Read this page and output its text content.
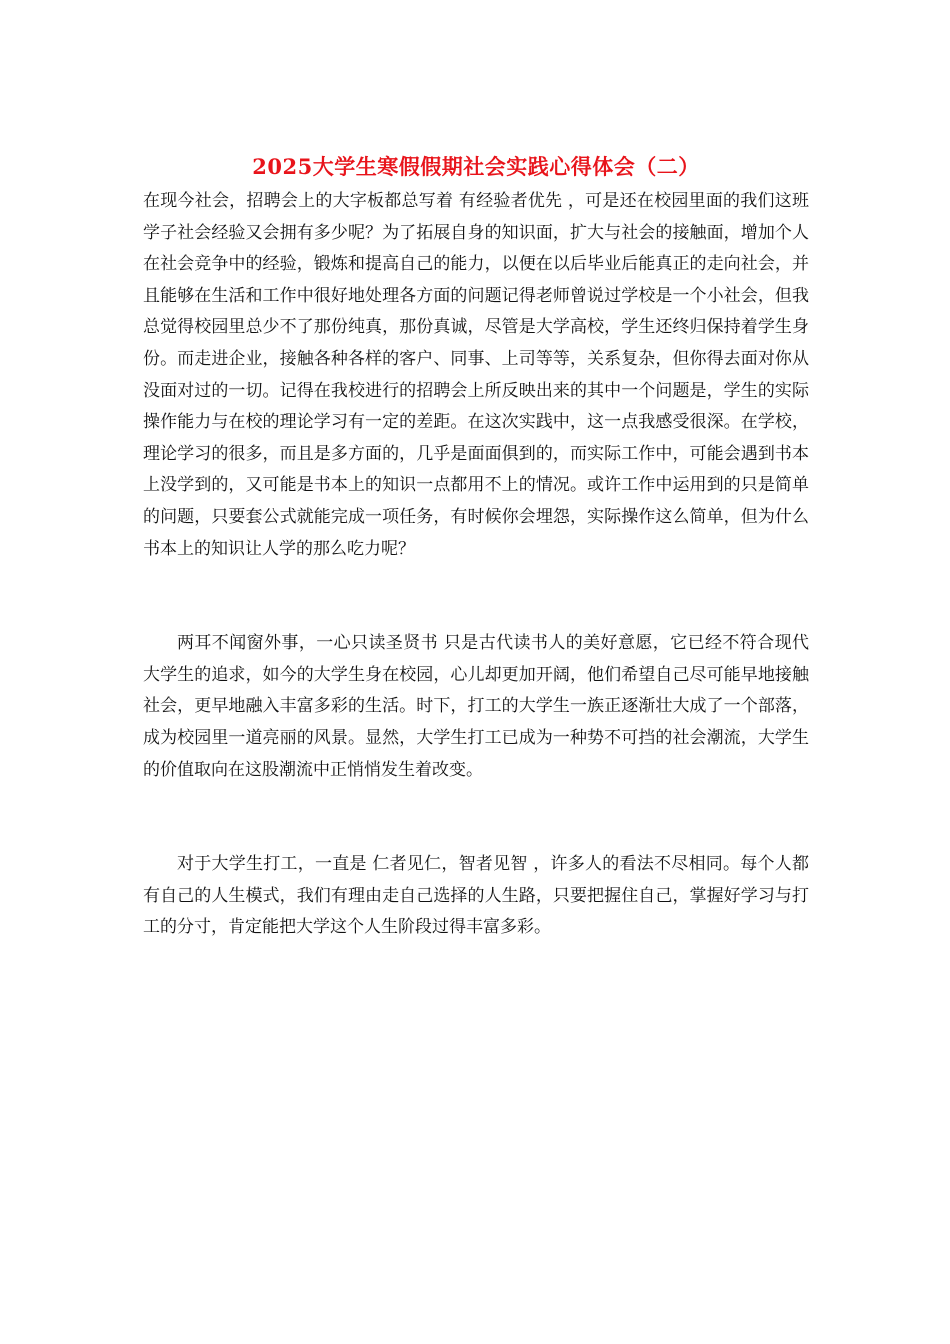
2025大学生寒假假期社会实践心得体会（二）

在现今社会，招聘会上的大字板都总写着 有经验者优先 ，可是还在校园里面的我们这班学子社会经验又会拥有多少呢？为了拓展自身的知识面，扩大与社会的接触面，增加个人在社会竞争中的经验，锻炼和提高自己的能力，以便在以后毕业后能真正的走向社会，并且能够在生活和工作中很好地处理各方面的问题记得老师曾说过学校是一个小社会，但我总觉得校园里总少不了那份纯真，那份真诚，尽管是大学高校，学生还终归保持着学生身份。而走进企业，接触各种各样的客户、同事、上司等等，关系复杂，但你得去面对你从没面对过的一切。记得在我校进行的招聘会上所反映出来的其中一个问题是，学生的实际操作能力与在校的理论学习有一定的差距。在这次实践中，这一点我感受很深。在学校，理论学习的很多，而且是多方面的，几乎是面面俱到的，而实际工作中，可能会遇到书本上没学到的，又可能是书本上的知识一点都用不上的情况。或许工作中运用到的只是简单的问题，只要套公式就能完成一项任务，有时候你会埋怨，实际操作这么简单，但为什么书本上的知识让人学的那么吃力呢？

两耳不闻窗外事，一心只读圣贤书 只是古代读书人的美好意愿，它已经不符合现代大学生的追求，如今的大学生身在校园，心儿却更加开阔，他们希望自己尽可能早地接触社会，更早地融入丰富多彩的生活。时下，打工的大学生一族正逐渐壮大成了一个部落，成为校园里一道亮丽的风景。显然，大学生打工已成为一种势不可挡的社会潮流，大学生的价值取向在这股潮流中正悄悄发生着改变。

对于大学生打工，一直是 仁者见仁，智者见智 ，许多人的看法不尽相同。每个人都有自己的人生模式，我们有理由走自己选择的人生路，只要把握住自己，掌握好学习与打工的分寸，肯定能把大学这个人生阶段过得丰富多彩。
